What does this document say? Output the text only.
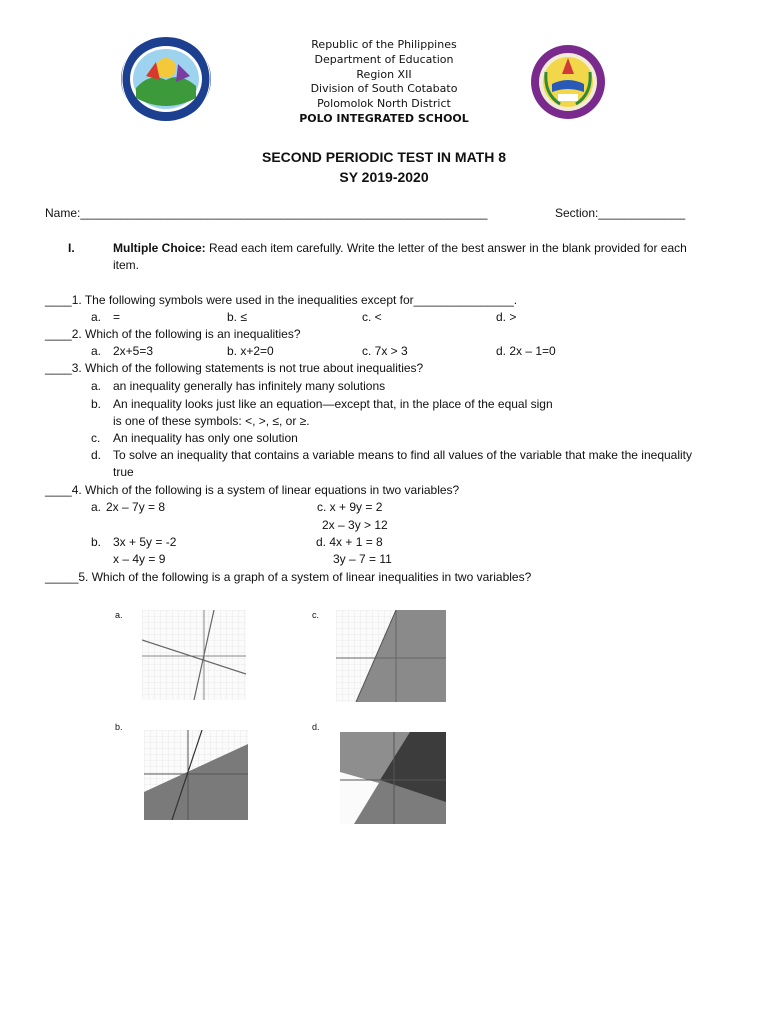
Republic of the Philippines
Department of Education
Region XII
Division of South Cotabato
Polomolok North District
POLO INTEGRATED SCHOOL
SECOND PERIODIC TEST IN MATH 8
SY 2019-2020
Name:_____________________________________________________________	Section:_____________
I.	Multiple Choice: Read each item carefully. Write the letter of the best answer in the blank provided for each
item.
____1. The following symbols were used in the inequalities except for_______________.
a. =	b. ≤	c. <	d. >
____2. Which of the following is an inequalities?
a. 2x+5=3	b. x+2=0	c. 7x > 3	d. 2x – 1=0
____3. Which of the following statements is not true about inequalities?
a. an inequality generally has infinitely many solutions
b. An inequality looks just like an equation—except that, in the place of the equal sign
is one of these symbols: <, >, ≤, or ≥.
c. An inequality has only one solution
d. To solve an inequality that contains a variable means to find all values of the variable that make the inequality
true
____4. Which of the following is a system of linear equations in two variables?
a. 2x – 7y = 8	c. x + 9y = 2
2x – 3y > 12
b. 3x + 5y = -2
x – 4y = 9
d. 4x + 1 = 8
3y – 7 = 11
_____5. Which of the following is a graph of a system of linear inequalities in two variables?
a.	c.
b.	d.
